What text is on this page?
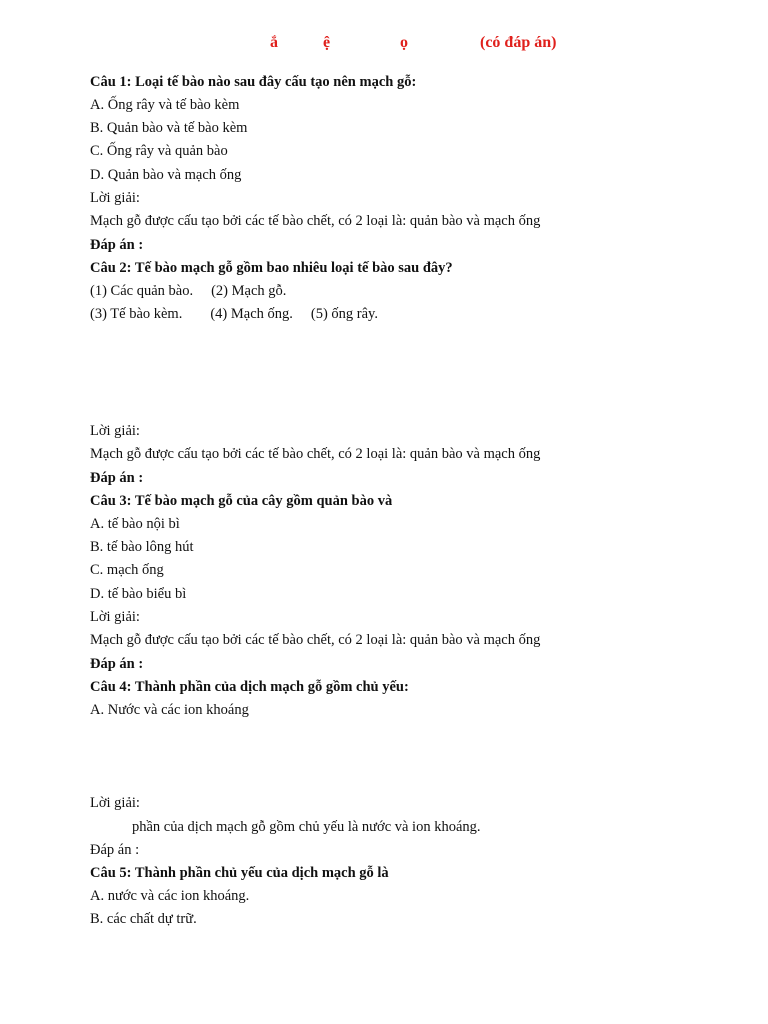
ắ	ệ	ọ	(có đáp án)
Câu 1: Loại tế bào nào sau đây cấu tạo nên mạch gỗ:
A. Ống rây và tế bào kèm
B. Quản bào và tế bào kèm
C. Ống rây và quản bào
D. Quản bào và mạch ống
Lời giải:
Mạch gỗ được cấu tạo bởi các tế bào chết, có 2 loại là: quản bào và mạch ống
Đáp án :
Câu 2: Tế bào mạch gỗ gồm bao nhiêu loại tế bào sau đây?
(1) Các quản bào. (2) Mạch gỗ.
(3) Tế bào kèm. (4) Mạch ống. (5) ống rây.
Lời giải:
Mạch gỗ được cấu tạo bởi các tế bào chết, có 2 loại là: quản bào và mạch ống
Đáp án :
Câu 3: Tế bào mạch gỗ của cây gồm quản bào và
A. tế bào nội bì
B. tế bào lông hút
C. mạch ống
D. tế bào biểu bì
Lời giải:
Mạch gỗ được cấu tạo bởi các tế bào chết, có 2 loại là: quản bào và mạch ống
Đáp án :
Câu 4: Thành phần của dịch mạch gỗ gồm chủ yếu:
A. Nước và các ion khoáng
Lời giải:
phần của dịch mạch gỗ gồm chủ yếu là nước và ion khoáng.
Đáp án :
Câu 5: Thành phần chủ yếu của dịch mạch gỗ là
A. nước và các ion khoáng.
B. các chất dự trữ.
